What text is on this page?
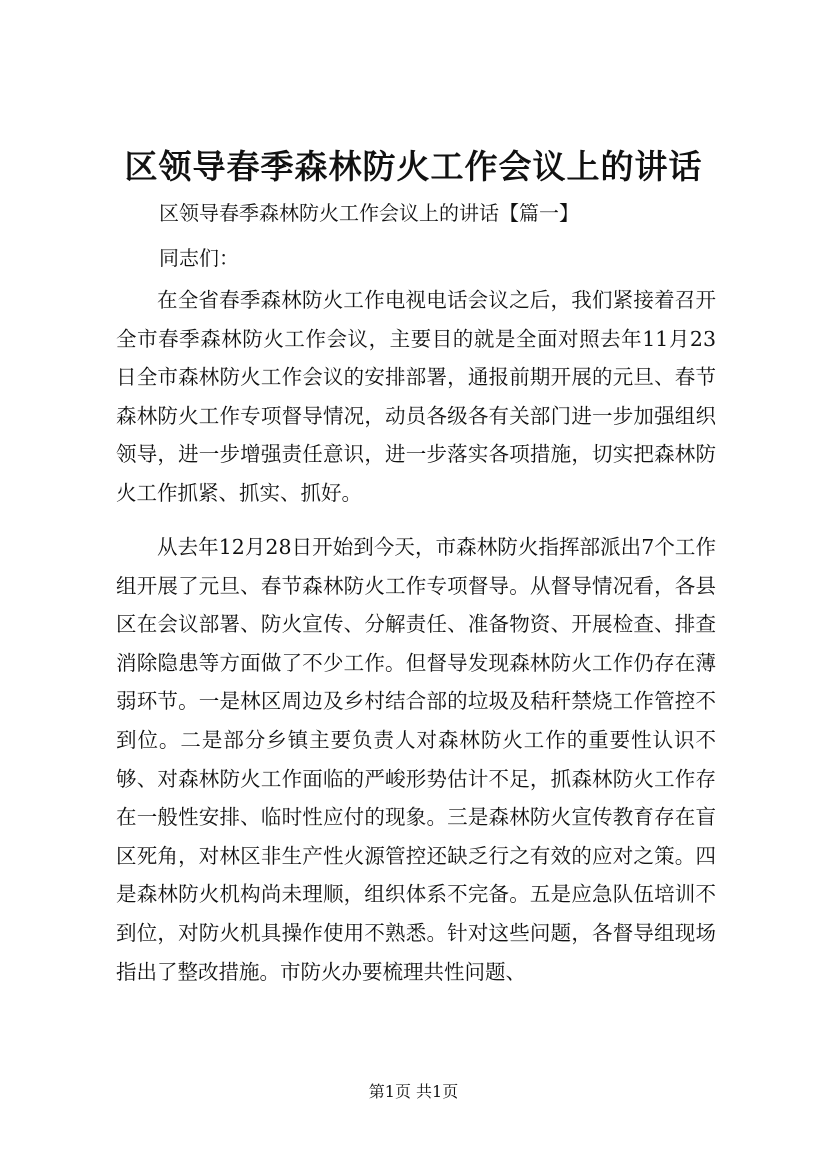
区领导春季森林防火工作会议上的讲话
区领导春季森林防火工作会议上的讲话【篇一】
同志们：

在全省春季森林防火工作电视电话会议之后，我们紧接着召开全市春季森林防火工作会议，主要目的就是全面对照去年11月23日全市森林防火工作会议的安排部署，通报前期开展的元旦、春节森林防火工作专项督导情况，动员各级各有关部门进一步加强组织领导，进一步增强责任意识，进一步落实各项措施，切实把森林防火工作抓紧、抓实、抓好。

从去年12月28日开始到今天，市森林防火指挥部派出7个工作组开展了元旦、春节森林防火工作专项督导。从督导情况看，各县区在会议部署、防火宣传、分解责任、准备物资、开展检查、排查消除隐患等方面做了不少工作。但督导发现森林防火工作仍存在薄弱环节。一是林区周边及乡村结合部的垃圾及秸秆禁烧工作管控不到位。二是部分乡镇主要负责人对森林防火工作的重要性认识不够、对森林防火工作面临的严峻形势估计不足，抓森林防火工作存在一般性安排、临时性应付的现象。三是森林防火宣传教育存在盲区死角，对林区非生产性火源管控还缺乏行之有效的应对之策。四是森林防火机构尚未理顺，组织体系不完备。五是应急队伍培训不到位，对防火机具操作使用不熟悉。针对这些问题，各督导组现场指出了整改措施。市防火办要梳理共性问题、

第1页 共1页
